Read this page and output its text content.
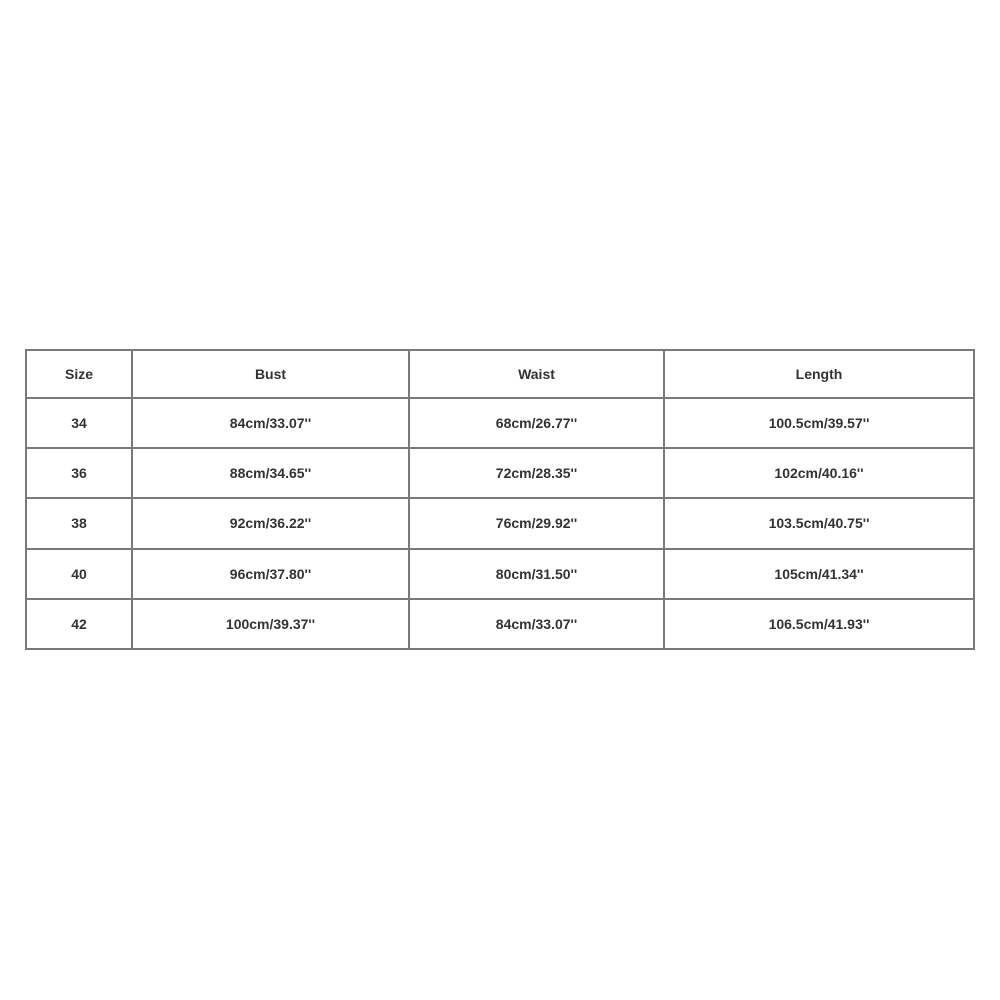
Size	Bust	Waist	Length
34	84cm/33.07''	68cm/26.77''	100.5cm/39.57''
36	88cm/34.65''	72cm/28.35''	102cm/40.16''
38	92cm/36.22''	76cm/29.92''	103.5cm/40.75''
40	96cm/37.80''	80cm/31.50''	105cm/41.34''
42	100cm/39.37''	84cm/33.07''	106.5cm/41.93''
